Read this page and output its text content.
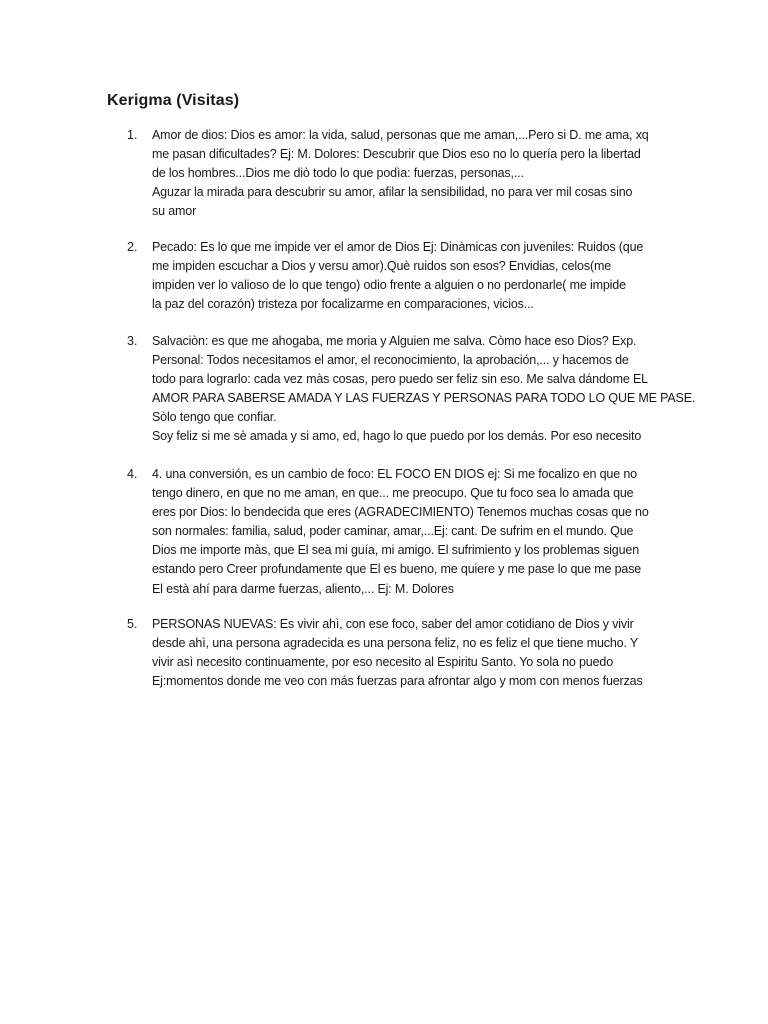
Kerigma (Visitas)
1. Amor de dios: Dios es amor: la vida, salud, personas que me aman,...Pero si D. me ama, xq
me pasan dificultades? Ej: M. Dolores: Descubrir que Dios eso no lo quería pero la libertad
de los hombres...Dios me diò todo lo que podìa: fuerzas, personas,...
Aguzar la mirada para descubrir su amor, afilar la sensibilidad, no para ver mil cosas sino
su amor
2. Pecado: Es lo que me impide ver el amor de Dios Ej: Dinàmicas con juveniles: Ruidos (que
me impiden escuchar a Dios y versu amor).Què ruidos son esos? Envidias, celos(me
impiden ver lo valioso de lo que tengo) odio frente a alguien o no perdonarle( me impide
la paz del corazón) tristeza por focalizarme en comparaciones, vicios...
3. Salvaciòn: es que me ahogaba, me moria y Alguien me salva. Còmo hace eso Dios? Exp.
Personal: Todos necesitamos el amor, el reconocimiento, la aprobación,... y hacemos de
todo para lograrlo: cada vez màs cosas, pero puedo ser feliz sin eso. Me salva dándome EL
AMOR PARA SABERSE AMADA Y LAS FUERZAS Y PERSONAS PARA TODO LO QUE ME PASE.
Sòlo tengo que confiar.
Soy feliz si me sè amada y si amo, ed, hago lo que puedo por los demás. Por eso necesito
4. 4. una conversión, es un cambio de foco: EL FOCO EN DIOS ej: Si me focalizo en que no
tengo dinero, en que no me aman, en que... me preocupo. Que tu foco sea lo amada que
eres por Dios: lo bendecida que eres (AGRADECIMIENTO) Tenemos muchas cosas que no
son normales: familia, salud, poder caminar, amar,...Ej: cant. De sufrim en el mundo. Que
Dios me importe màs, que El sea mi guía, mi amigo. El sufrimiento y los problemas siguen
estando pero Creer profundamente que El es bueno, me quiere y me pase lo que me pase
El està ahí para darme fuerzas, aliento,... Ej: M. Dolores
5. PERSONAS NUEVAS: Es vivir ahì, con ese foco, saber del amor cotidiano de Dios y vivir
desde ahì, una persona agradecida es una persona feliz, no es feliz el que tiene mucho. Y
vivir asì necesito continuamente, por eso necesito al Espiritu Santo. Yo sola no puedo
Ej:momentos donde me veo con más fuerzas para afrontar algo y mom con menos fuerzas
